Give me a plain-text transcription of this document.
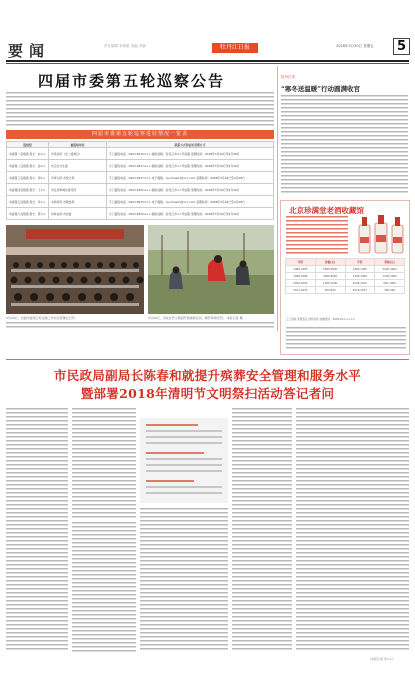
要闻	责任编辑 李雨果 美编 刘颖	牡丹江日报	2018年3月30日 星期五	5
四届市委第五轮巡察公告
四届市委第五轮巡察进驻情况一览表
巡察组	被巡察单位	联系方式和信访受理方式
市委第一巡察组 组长：赵××	市民政局（含二级单位）	专门值班电话：0453-6215××× 邮政信箱：牡丹江市××号信箱 受理时间：2018年3月29日至4月28日
市委第二巡察组 组长：孙××	市卫生计生委	专门值班电话：0453-6917××× 邮政信箱：牡丹江市××号信箱 受理时间：2018年3月29日至4月28日
市委第三巡察组 组长：周××	市审计局 市统计局	专门值班电话：0453-6237××× 电子邮箱：xunchazu3@××.com 受理时间：2018年3月29日至4月28日
市委第四巡察组 组长：王××	市住房和城乡建设局	专门值班电话：0453-6321××× 邮政信箱：牡丹江市××号信箱 受理时间：2018年3月29日至4月28日
市委第五巡察组 组长：李××	市商务局 市粮食局	专门值班电话：0453-6975××× 电子邮箱：xunchazu5@××.com 受理时间：2018年3月29日至4月28日
市委第六巡察组 组长：陈××	市林业局 市农委	专门值班电话：0453-6452××× 邮政信箱：牡丹江市××号信箱 受理时间：2018年3月29日至4月28日
3月29日，四届市委第五轮巡察工作动员部署会召开。	3月29日，市民在烈士陵园开展植树活动，缅怀革命先烈。 本报记者 摄
牡丹江市
“寒冬送温暖”行动圆满收官
北京珍满堂老酒收藏馆
年份	价格(元)	年份	价格(元)
1980-1985	5000-8000	1990-1995	2000-3000
1986-1989	3000-5000	1996-1999	1500-2000
2000-2005	1000-1500	2006-2010	600-1000
2011-2015	500-800	2016-2017	300-500
上门回收 免费鉴定 现场付款 收藏热线：0453-6××××××
市民政局副局长陈春和就提升殡葬安全管理和服务水平
暨部署2018年清明节文明祭扫活动答记者问
（本报记者 李××）
